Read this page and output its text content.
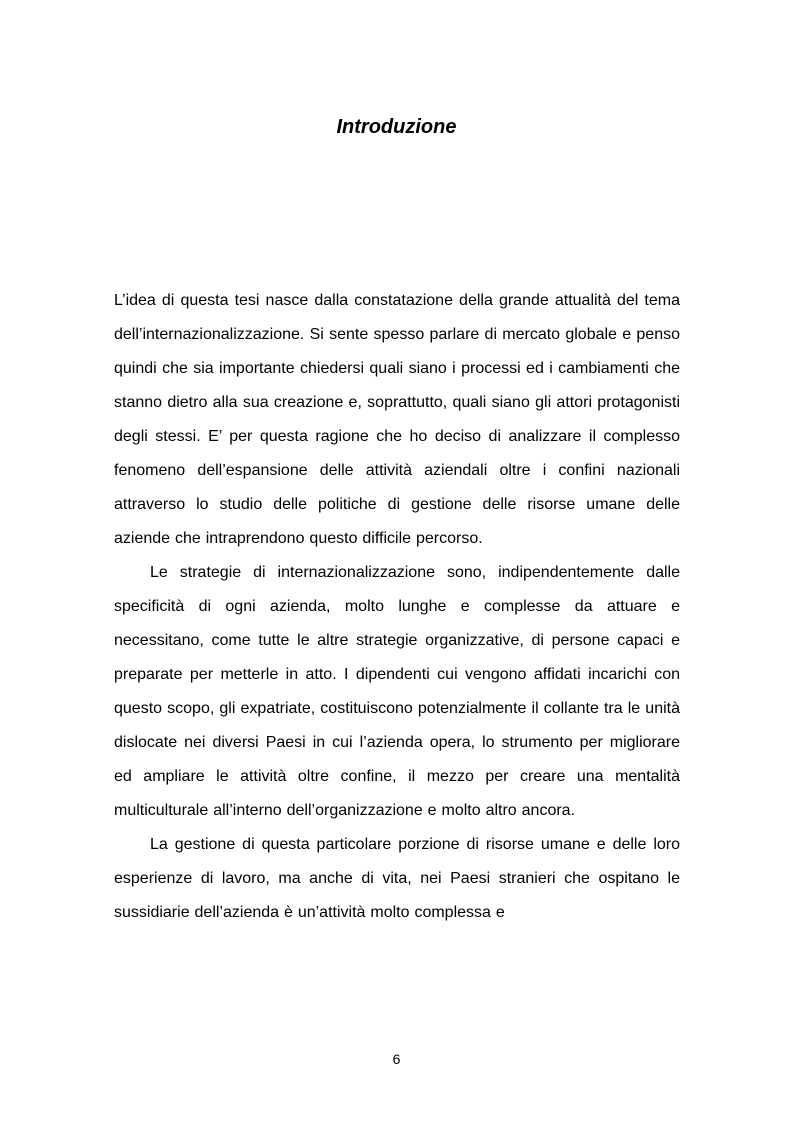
Introduzione

L’idea di questa tesi nasce dalla constatazione della grande attualità del tema dell’internazionalizzazione. Si sente spesso parlare di mercato globale e penso quindi che sia importante chiedersi quali siano i processi ed i cambiamenti che stanno dietro alla sua creazione e, soprattutto, quali siano gli attori protagonisti degli stessi. E’ per questa ragione che ho deciso di analizzare il complesso fenomeno dell’espansione delle attività aziendali oltre i confini nazionali attraverso lo studio delle politiche di gestione delle risorse umane delle aziende che intraprendono questo difficile percorso.

Le strategie di internazionalizzazione sono, indipendentemente dalle specificità di ogni azienda, molto lunghe e complesse da attuare e necessitano, come tutte le altre strategie organizzative, di persone capaci e preparate per metterle in atto. I dipendenti cui vengono affidati incarichi con questo scopo, gli expatriate, costituiscono potenzialmente il collante tra le unità dislocate nei diversi Paesi in cui l’azienda opera, lo strumento per migliorare ed ampliare le attività oltre confine, il mezzo per creare una mentalità multiculturale all’interno dell’organizzazione e molto altro ancora.

La gestione di questa particolare porzione di risorse umane e delle loro esperienze di lavoro, ma anche di vita, nei Paesi stranieri che ospitano le sussidiarie dell’azienda è un’attività molto complessa e

6
